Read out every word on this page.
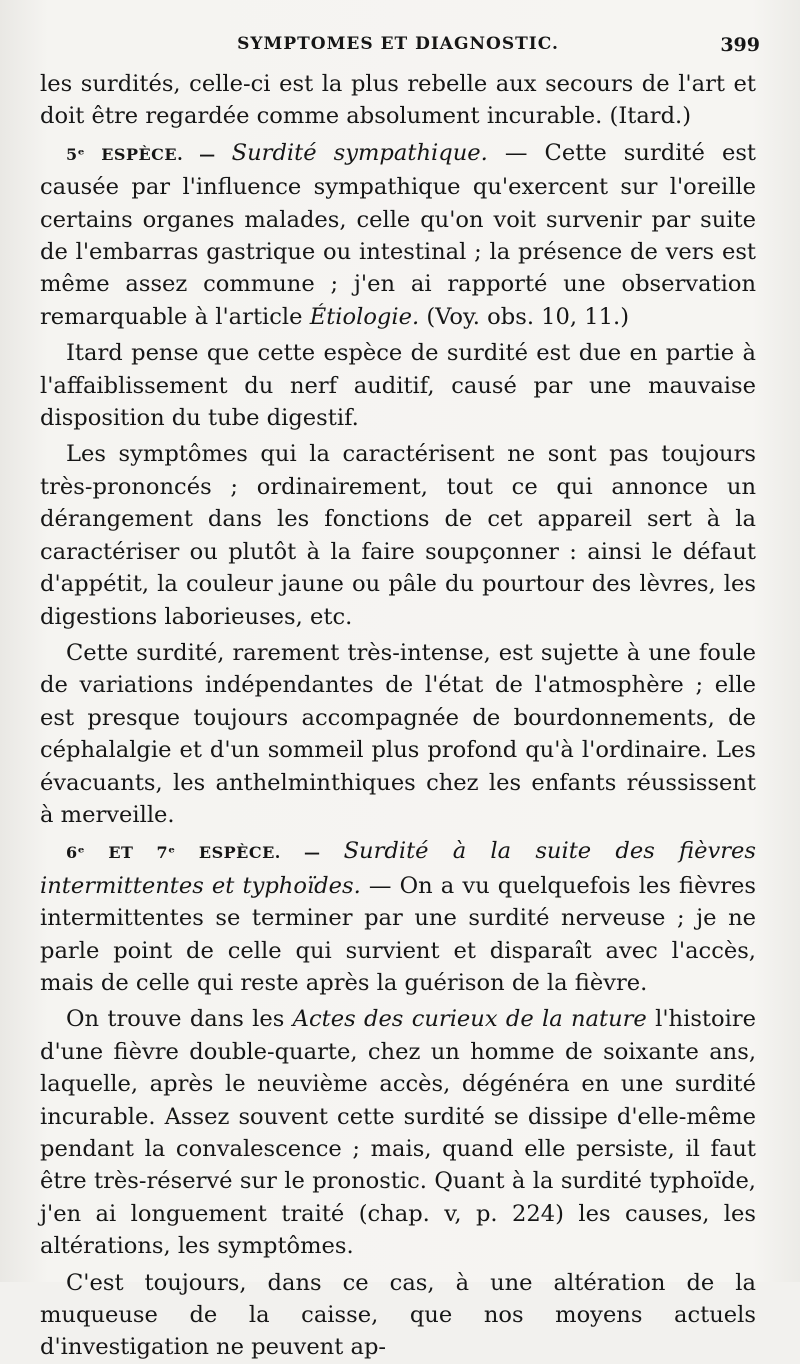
SYMPTOMES ET DIAGNOSTIC.	399

les surdités, celle-ci est la plus rebelle aux secours de l'art et doit être regardée comme absolument incurable. (Itard.)

5ᵉ ESPÈCE. — Surdité sympathique. — Cette surdité est causée par l'influence sympathique qu'exercent sur l'oreille certains organes malades, celle qu'on voit survenir par suite de l'embarras gastrique ou intestinal ; la présence de vers est même assez commune ; j'en ai rapporté une observation remarquable à l'article Étiologie. (Voy. obs. 10, 11.)

Itard pense que cette espèce de surdité est due en partie à l'affaiblissement du nerf auditif, causé par une mauvaise disposition du tube digestif.

Les symptômes qui la caractérisent ne sont pas toujours très-prononcés ; ordinairement, tout ce qui annonce un dérangement dans les fonctions de cet appareil sert à la caractériser ou plutôt à la faire soupçonner : ainsi le défaut d'appétit, la couleur jaune ou pâle du pourtour des lèvres, les digestions laborieuses, etc.

Cette surdité, rarement très-intense, est sujette à une foule de variations indépendantes de l'état de l'atmosphère ; elle est presque toujours accompagnée de bourdonnements, de céphalalgie et d'un sommeil plus profond qu'à l'ordinaire. Les évacuants, les anthelminthiques chez les enfants réussissent à merveille.

6ᵉ ET 7ᵉ ESPÈCE. — Surdité à la suite des fièvres intermittentes et typhoïdes. — On a vu quelquefois les fièvres intermittentes se terminer par une surdité nerveuse ; je ne parle point de celle qui survient et disparaît avec l'accès, mais de celle qui reste après la guérison de la fièvre.

On trouve dans les Actes des curieux de la nature l'histoire d'une fièvre double-quarte, chez un homme de soixante ans, laquelle, après le neuvième accès, dégénéra en une surdité incurable. Assez souvent cette surdité se dissipe d'elle-même pendant la convalescence ; mais, quand elle persiste, il faut être très-réservé sur le pronostic. Quant à la surdité typhoïde, j'en ai longuement traité (chap. v, p. 224) les causes, les altérations, les symptômes.

C'est toujours, dans ce cas, à une altération de la muqueuse de la caisse, que nos moyens actuels d'investigation ne peuvent ap-
